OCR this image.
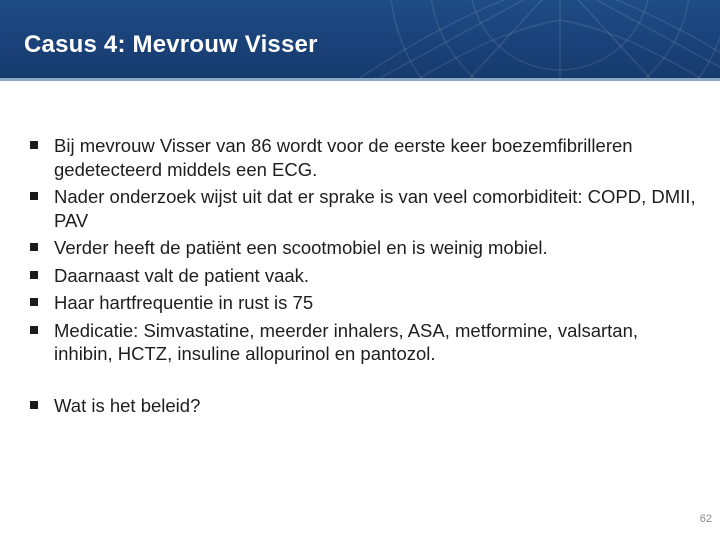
Casus 4: Mevrouw Visser
Bij mevrouw Visser van 86 wordt voor de eerste keer boezemfibrilleren gedetecteerd middels een ECG.
Nader onderzoek wijst uit dat er sprake is van veel comorbiditeit: COPD, DMII, PAV
Verder heeft de patiënt een scootmobiel en is weinig mobiel.
Daarnaast valt de patient vaak.
Haar hartfrequentie in rust is 75
Medicatie: Simvastatine, meerder inhalers, ASA, metformine, valsartan, inhibin, HCTZ, insuline allopurinol en pantozol.
Wat is het beleid?
62
